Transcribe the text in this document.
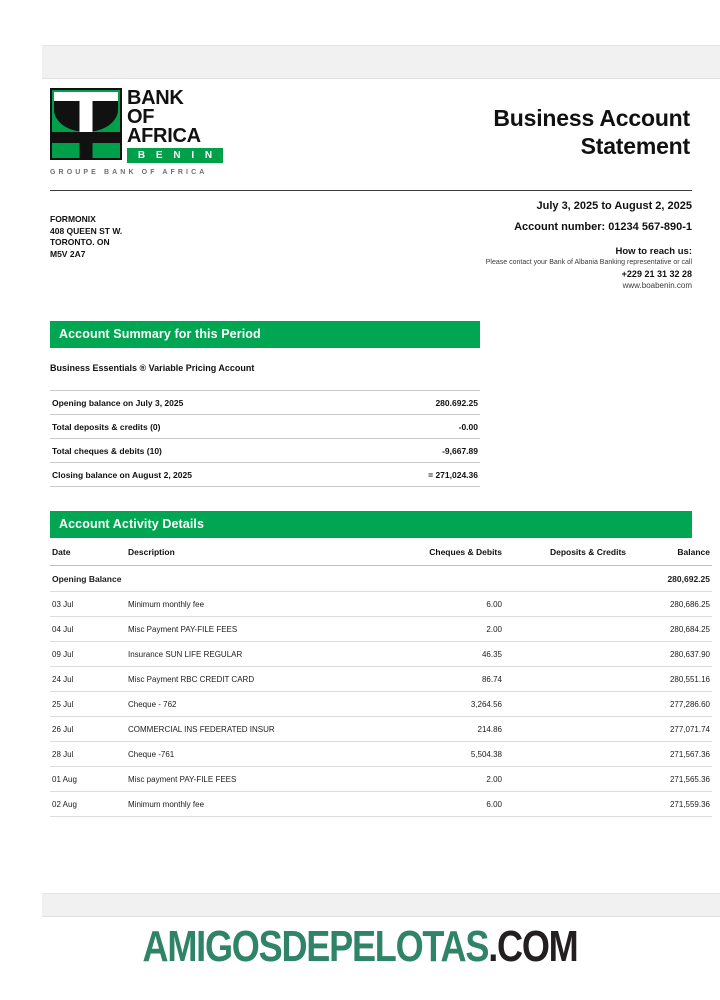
BANK
OF
AFRICA
B E N I N
GROUPE BANK OF AFRICA
Business Account
Statement
FORMONIX
408 QUEEN ST W.
TORONTO. ON
M5V 2A7
July 3, 2025 to August 2, 2025
Account number: 01234 567-890-1
How to reach us:
Please contact your Bank of Albania Banking representative or call
+229 21 31 32 28
www.boabenin.com
Account Summary for this Period
Business Essentials ® Variable Pricing Account
Opening balance on July 3, 2025	280.692.25
Total deposits & credits (0)	-0.00
Total cheques & debits (10)	-9,667.89
Closing balance on August 2, 2025	= 271,024.36
Account Activity Details
Date	Description	Cheques & Debits	Deposits & Credits	Balance
Opening Balance				280,692.25
03 Jul	Minimum monthly fee	6.00		280,686.25
04 Jul	Misc Payment PAY-FILE FEES	2.00		280,684.25
09 Jul	Insurance SUN LIFE REGULAR	46.35		280,637.90
24 Jul	Misc Payment RBC CREDIT CARD	86.74		280,551.16
25 Jul	Cheque - 762	3,264.56		277,286.60
26 Jul	COMMERCIAL INS FEDERATED INSUR	214.86		277,071.74
28 Jul	Cheque -761	5,504.38		271,567.36
01 Aug	Misc payment PAY-FILE FEES	2.00		271,565.36
02 Aug	Minimum monthly fee	6.00		271,559.36
AMIGOSDEPELOTAS.COM
